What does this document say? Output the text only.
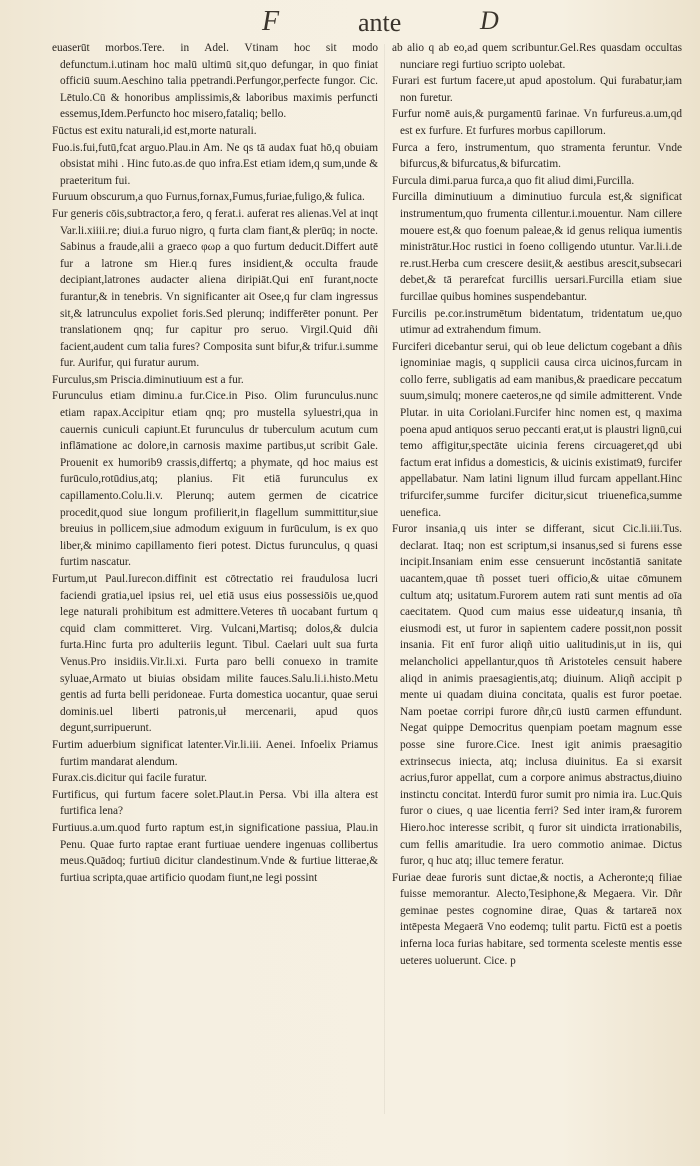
F	ante	D

euaserūt morbos.Tere. in Adel. Vtinam hoc sit modo defunctum.i.utinam hoc malū ultimū sit,quo defungar, in quo finiat officiū suum.Aeschino talia ppetrandi.Perfungor,perfecte fungor. Cic. Lētulo.Cū & honoribus amplissimis,& laboribus maximis perfuncti essemus,Idem.Perfuncto hoc misero,fataliq; bello.

Fūctus est exitu naturali,id est,morte naturali.

Fuo.is.fui,futū,fcat arguo.Plau.in Am. Ne qs tā audax fuat hō,q obuiam obsistat mihi . Hinc futo.as.de quo infra.Est etiam idem,q sum,unde & praeteritum fui.

Furuum obscurum,a quo Furnus,fornax,Fumus,furiae,fuligo,& fulica.

Fur generis cōis,subtractor,a fero, q ferat.i. auferat res alienas.Vel at inqt Var.li.xiiii.re; diui.a furuo nigro, q furta clam fiant,& plerūq; in nocte. Sabinus a fraude,alii a graeco φωρ a quo furtum deducit.Differt autē fur a latrone sm Hier.q fures insidient,& occulta fraude decipiant,latrones audacter aliena diripiāt.Qui enī furant,nocte furantur,& in tenebris. Vn significanter ait Osee,q fur clam ingressus sit,& latrunculus expoliet foris.Sed plerunq; indifferēter ponunt. Per translationem qnq; fur capitur pro seruo. Virgil.Quid dñi facient,audent cum talia fures? Composita sunt bifur,& trifur.i.summe fur. Aurifur, qui furatur aurum.

Furculus,sm Priscia.diminutiuum est a fur.

Furunculus etiam diminu.a fur.Cice.in Piso. Olim furunculus.nunc etiam rapax.Accipitur etiam qnq; pro mustella syluestri,qua in cauernis cuniculi capiunt.Et furunculus dr tuberculum acutum cum inflāmatione ac dolore,in carnosis maxime partibus,ut scribit Gale. Prouenit ex humorib9 crassis,differtq; a phymate, qd hoc maius est furūculo,rotūdius,atq; planius. Fit etiā furunculus ex capillamento.Colu.li.v. Plerunq; autem germen de cicatrice procedit,quod siue longum profilierit,in flagellum summittitur,siue breuius in pollicem,siue admodum exiguum in furūculum, is ex quo liber,& minimo capillamento fieri potest. Dictus furunculus, q quasi furtim nascatur.

Furtum,ut Paul.Iurecon.diffinit est cōtrectatio rei fraudulosa lucri faciendi gratia,uel ipsius rei, uel etiā usus eius possessiōis ue,quod lege naturali prohibitum est admittere.Veteres tñ uocabant furtum q cquid clam committeret. Virg. Vulcani,Martisq; dolos,& dulcia furta.Hinc furta pro adulteriis legunt. Tibul. Caelari uult sua furta Venus.Pro insidiis.Vir.li.xi. Furta paro belli conuexo in tramite syluae,Armato ut biuias obsidam milite fauces.Salu.li.i.histo.Metu gentis ad furta belli peridoneae. Furta domestica uocantur, quae serui dominis.uel liberti patronis,uł mercenarii, apud quos degunt,surripuerunt.

Furtim aduerbium significat latenter.Vir.li.iii. Aenei. Infoelix Priamus furtim mandarat alendum.

Furax.cis.dicitur qui facile furatur.

Furtificus, qui furtum facere solet.Plaut.in Persa. Vbi illa altera est furtifica lena?

Furtiuus.a.um.quod furto raptum est,in significatione passiua, Plau.in Penu. Quae furto raptae erant furtiuae uendere ingenuas collibertus meus.Quādoq; furtiuū dicitur clandestinum.Vnde & furtiue litterae,& furtiua scripta,quae artificio quodam fiunt,ne legi possint

ab alio q ab eo,ad quem scribuntur.Gel.Res quasdam occultas nunciare regi furtiuo scripto uolebat.

Furari est furtum facere,ut apud apostolum. Qui furabatur,iam non furetur.

Furfur nomē auis,& purgamentū farinae. Vn furfureus.a.um,qd est ex furfure. Et furfures morbus capillorum.

Furca a fero, instrumentum, quo stramenta feruntur. Vnde bifurcus,& bifurcatus,& bifurcatim.

Furcula dimi.parua furca,a quo fit aliud dimi,Furcilla.

Furcilla diminutiuum a diminutiuo furcula est,& significat instrumentum,quo frumenta cillentur.i.mouentur. Nam cillere mouere est,& quo foenum paleae,& id genus reliqua iumentis ministrātur.Hoc rustici in foeno colligendo utuntur. Var.li.i.de re.rust.Herba cum crescere desiit,& aestibus arescit,subsecari debet,& tā perarefcat furcillis uersari.Furcilla etiam siue furcillae quibus homines suspendebantur.

Furcilis pe.cor.instrumētum bidentatum, tridentatum ue,quo utimur ad extrahendum fimum.

Furciferi dicebantur serui, qui ob leue delictum cogebant a dñis ignominiae magis, q supplicii causa circa uicinos,furcam in collo ferre, subligatis ad eam manibus,& praedicare peccatum suum,simulq; monere caeteros,ne qd simile admitterent. Vnde Plutar. in uita Coriolani.Furcifer hinc nomen est, q maxima poena apud antiquos seruo peccanti erat,ut is plaustri lignū,cui temo affigitur,spectāte uicinia ferens circuageret,qd ubi factum erat infidus a domesticis, & uicinis existimat9, furcifer appellabatur. Nam latini lignum illud furcam appellant.Hinc trifurcifer,summe furcifer dicitur,sicut triuenefica,summe uenefica.

Furor insania,q uis inter se differant, sicut Cic.li.iii.Tus. declarat. Itaq; non est scriptum,si insanus,sed si furens esse incipit.Insaniam enim esse censuerunt incōstantiā sanitate uacantem,quae tñ posset tueri officio,& uitae cōmunem cultum atq; usitatum.Furorem autem rati sunt mentis ad oīa caecitatem. Quod cum maius esse uideatur,q insania, tñ eiusmodi est, ut furor in sapientem cadere possit,non possit insania. Fit enī furor aliqñ uitio ualitudinis,ut in iis, qui melancholici appellantur,quos tñ Aristoteles censuit habere aliqd in animis praesagientis,atq; diuinum. Aliqñ accipit p mente ui quadam diuina concitata, qualis est furor poetae. Nam poetae corripi furore dñr,cū iustū carmen effundunt. Negat quippe Democritus quenpiam poetam magnum esse posse sine furore.Cice. Inest igit animis praesagitio extrinsecus iniecta, atq; inclusa diuinitus. Ea si exarsit acrius,furor appellat, cum a corpore animus abstractus,diuino instinctu concitat. Interdū furor sumit pro nimia ira. Luc.Quis furor o ciues, q uae licentia ferri? Sed inter iram,& furorem Hiero.hoc interesse scribit, q furor sit uindicta irrationabilis, cum fellis amaritudie. Ira uero commotio animae. Dictus furor, q huc atq; illuc temere feratur.

Furiae deae furoris sunt dictae,& noctis, a Acheronte;q filiae fuisse memorantur. Alecto,Tesiphone,& Megaera. Vir. Dñr geminae pestes cognomine dirae, Quas & tartareā nox intēpesta Megaerā Vno eodemq; tulit partu. Fictū est a poetis inferna loca furias habitare, sed tormenta sceleste mentis esse ueteres uoluerunt. Cice. p
